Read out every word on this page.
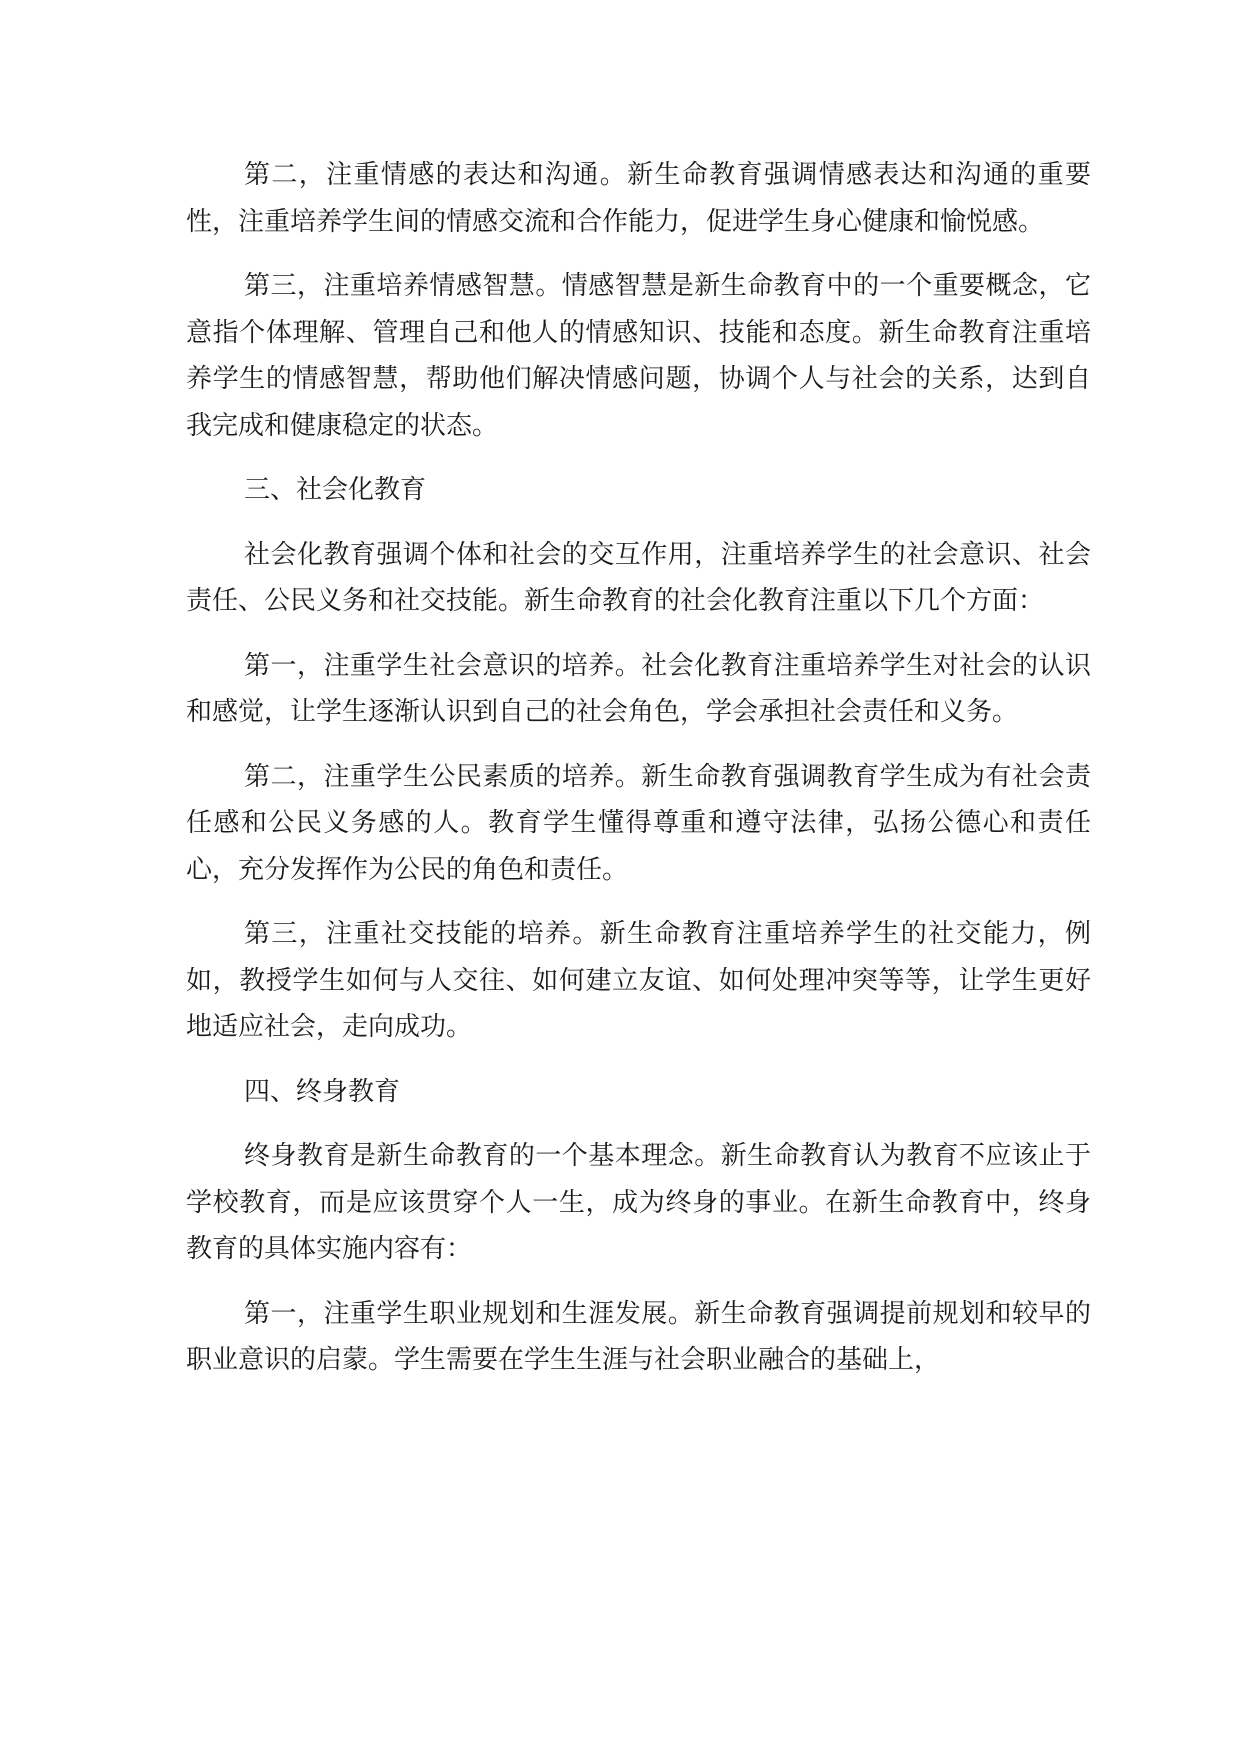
第二，注重情感的表达和沟通。新生命教育强调情感表达和沟通的重要性，注重培养学生间的情感交流和合作能力，促进学生身心健康和愉悦感。

第三，注重培养情感智慧。情感智慧是新生命教育中的一个重要概念，它意指个体理解、管理自己和他人的情感知识、技能和态度。新生命教育注重培养学生的情感智慧，帮助他们解决情感问题，协调个人与社会的关系，达到自我完成和健康稳定的状态。

三、社会化教育

社会化教育强调个体和社会的交互作用，注重培养学生的社会意识、社会责任、公民义务和社交技能。新生命教育的社会化教育注重以下几个方面：

第一，注重学生社会意识的培养。社会化教育注重培养学生对社会的认识和感觉，让学生逐渐认识到自己的社会角色，学会承担社会责任和义务。

第二，注重学生公民素质的培养。新生命教育强调教育学生成为有社会责任感和公民义务感的人。教育学生懂得尊重和遵守法律，弘扬公德心和责任心，充分发挥作为公民的角色和责任。

第三，注重社交技能的培养。新生命教育注重培养学生的社交能力，例如，教授学生如何与人交往、如何建立友谊、如何处理冲突等等，让学生更好地适应社会，走向成功。

四、终身教育

终身教育是新生命教育的一个基本理念。新生命教育认为教育不应该止于学校教育，而是应该贯穿个人一生，成为终身的事业。在新生命教育中，终身教育的具体实施内容有：

第一，注重学生职业规划和生涯发展。新生命教育强调提前规划和较早的职业意识的启蒙。学生需要在学生生涯与社会职业融合的基础上，
